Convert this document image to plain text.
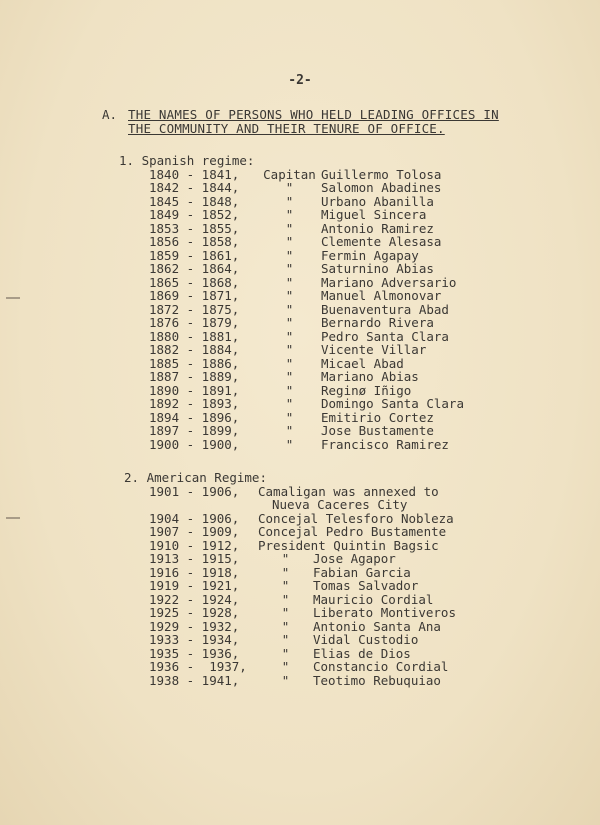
-2-
A. THE NAMES OF PERSONS WHO HELD LEADING OFFICES IN
THE COMMUNITY AND THEIR TENURE OF OFFICE.
1. Spanish regime:
1840 - 1841,	Capitan Guillermo Tolosa
1842 - 1844,	"	Salomon Abadines
1845 - 1848,	"	Urbano Abanilla
1849 - 1852,	"	Miguel Sincera
1853 - 1855,	"	Antonio Ramirez
1856 - 1858,	"	Clemente Alesasa
1859 - 1861,	"	Fermin Agapay
1862 - 1864,	"	Saturnino Abias
1865 - 1868,	"	Mariano Adversario
1869 - 1871,	"	Manuel Almonovar
1872 - 1875,	"	Buenaventura Abad
1876 - 1879,	"	Bernardo Rivera
1880 - 1881,	"	Pedro Santa Clara
1882 - 1884,	"	Vicente Villar
1885 - 1886,	"	Micael Abad
1887 - 1889,	"	Mariano Abias
1890 - 1891,	"	Reginø Iñigo
1892 - 1893,	"	Domingo Santa Clara
1894 - 1896,	"	Emitirio Cortez
1897 - 1899,	"	Jose Bustamente
1900 - 1900,	"	Francisco Ramirez
2. American Regime:
1901 - 1906,	Camaligan was annexed to
Nueva Caceres City
1904 - 1906,	Concejal Telesforo Nobleza
1907 - 1909,	Concejal Pedro Bustamente
1910 - 1912,	President Quintin Bagsic
1913 - 1915,	"	Jose Agapor
1916 - 1918,	"	Fabian Garcia
1919 - 1921,	"	Tomas Salvador
1922 - 1924,	"	Mauricio Cordial
1925 - 1928,	"	Liberato Montiveros
1929 - 1932,	"	Antonio Santa Ana
1933 - 1934,	"	Vidal Custodio
1935 - 1936,	"	Elias de Dios
1936 -  1937,	"	Constancio Cordial
1938 - 1941,	"	Teotimo Rebuquiao
